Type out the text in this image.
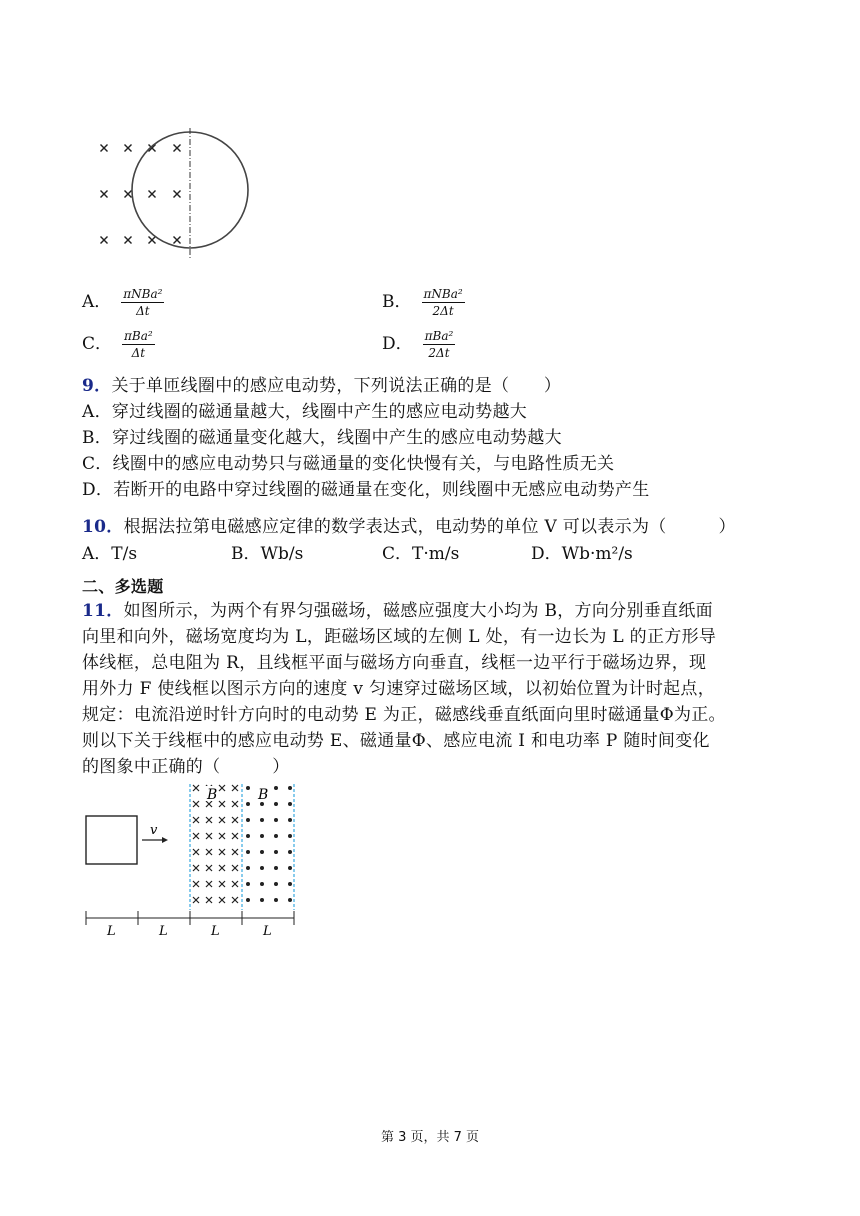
A． $\frac{\text{πNBa²}}{\Delta t}$	B． $\frac{\text{πNBa²}}{2\Delta t}$
C． $\frac{\text{πBa²}}{\Delta t}$	D． $\frac{\text{πBa²}}{2\Delta t}$
9．关于单匝线圈中的感应电动势，下列说法正确的是（　　）
A．穿过线圈的磁通量越大，线圈中产生的感应电动势越大
B．穿过线圈的磁通量变化越大，线圈中产生的感应电动势越大
C．线圈中的感应电动势只与磁通量的变化快慢有关，与电路性质无关
D．若断开的电路中穿过线圈的磁通量在变化，则线圈中无感应电动势产生
10．根据法拉第电磁感应定律的数学表达式，电动势的单位 V 可以表示为（　　　）
A．T/s	B．Wb/s	C．T·m/s	D．Wb·m²/s
二、多选题
11．如图所示，为两个有界匀强磁场，磁感应强度大小均为 B，方向分别垂直纸面
向里和向外，磁场宽度均为 L，距磁场区域的左侧 L 处，有一边长为 L 的正方形导
体线框，总电阻为 R，且线框平面与磁场方向垂直，线框一边平行于磁场边界，现
用外力 F 使线框以图示方向的速度 v 匀速穿过磁场区域，以初始位置为计时起点，
规定：电流沿逆时针方向时的电动势 E 为正，磁感线垂直纸面向里时磁通量Φ为正。
则以下关于线框中的感应电动势 E、磁通量Φ、感应电流 I 和电功率 P 随时间变化
的图象中正确的（　　　）
v
B	B
L	L	L	L
第 3 页，共 7 页
